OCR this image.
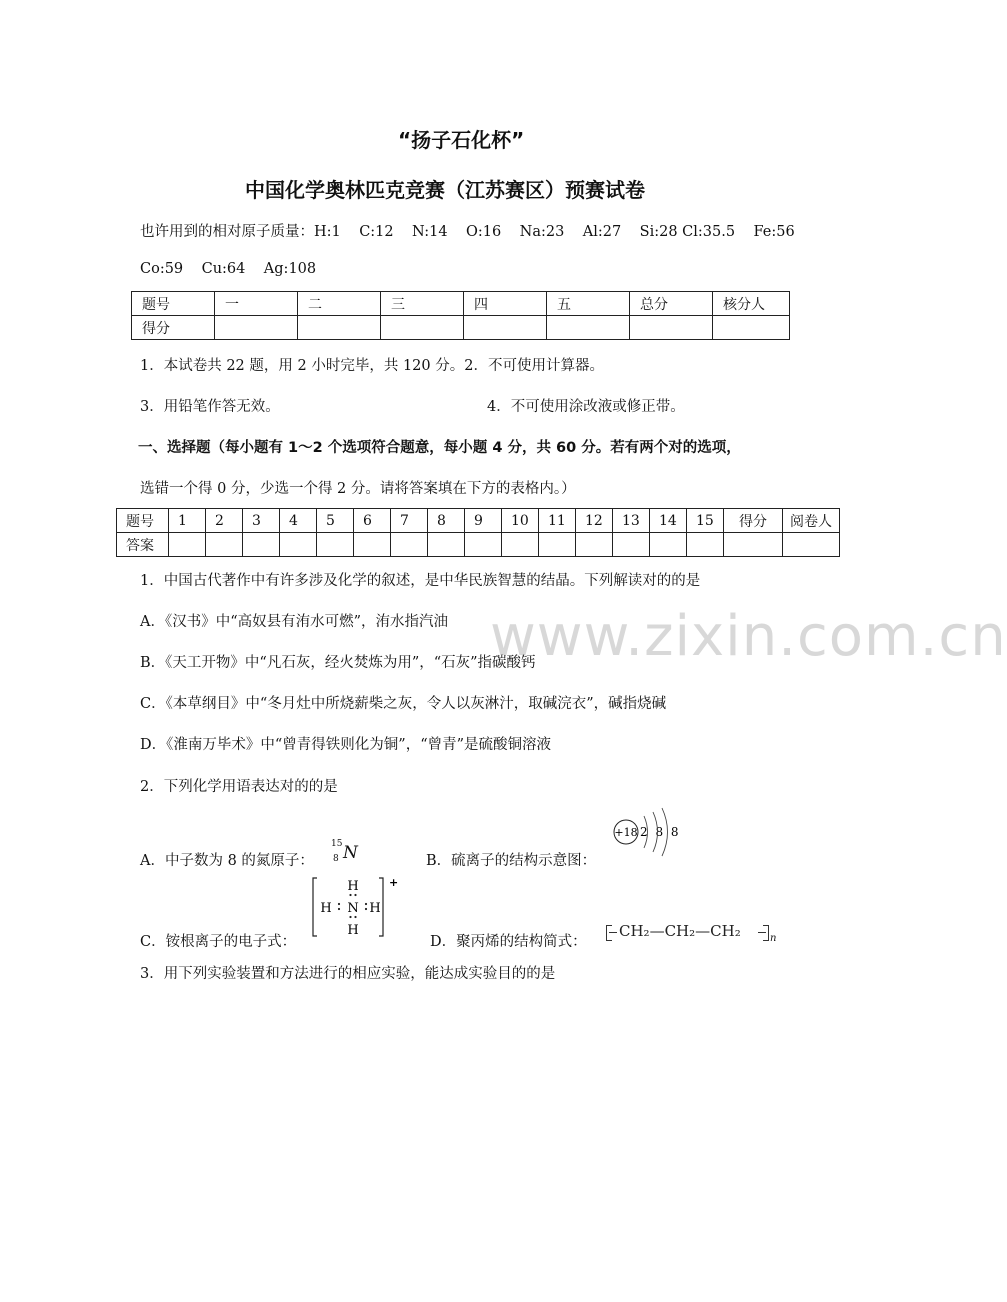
“扬子石化杯”
中国化学奥林匹克竞赛（江苏赛区）预赛试卷
也许用到的相对原子质量：H:1    C:12    N:14    O:16    Na:23    Al:27    Si:28 Cl:35.5    Fe:56
Co:59    Cu:64    Ag:108
题号	一	二	三	四	五	总分	核分人
得分							
1．本试卷共 22 题，用 2 小时完毕，共 120 分。2．不可使用计算器。
3．用铅笔作答无效。	4．不可使用涂改液或修正带。
一、选择题（每小题有 1～2 个选项符合题意，每小题 4 分，共 60 分。若有两个对的选项，
选错一个得 0 分，少选一个得 2 分。请将答案填在下方的表格内。）
题号	1	2	3	4	5	6	7	8	9	10	11	12	13	14	15	得分	阅卷人
答案																	
www.zixin.com.cn
1．中国古代著作中有许多涉及化学的叙述，是中华民族智慧的结晶。下列解读对的的是
A．《汉书》中“高奴县有洧水可燃”，洧水指汽油
B．《天工开物》中“凡石灰，经火焚炼为用”，“石灰”指碳酸钙
C．《本草纲目》中“冬月灶中所烧薪柴之灰，令人以灰淋汁，取碱浣衣”，碱指烧碱
D．《淮南万毕术》中“曾青得铁则化为铜”，“曾青”是硫酸铜溶液
2．下列化学用语表达对的的是
A．中子数为 8 的氮原子：
15
8 N	B．硫离子的结构示意图：
+18 2 8 8
C．铵根离子的电子式：
+
H
H N H
H
D．聚丙烯的结构简式：
CH₂—CH₂—CH₂	n
3．用下列实验装置和方法进行的相应实验，能达成实验目的的是
